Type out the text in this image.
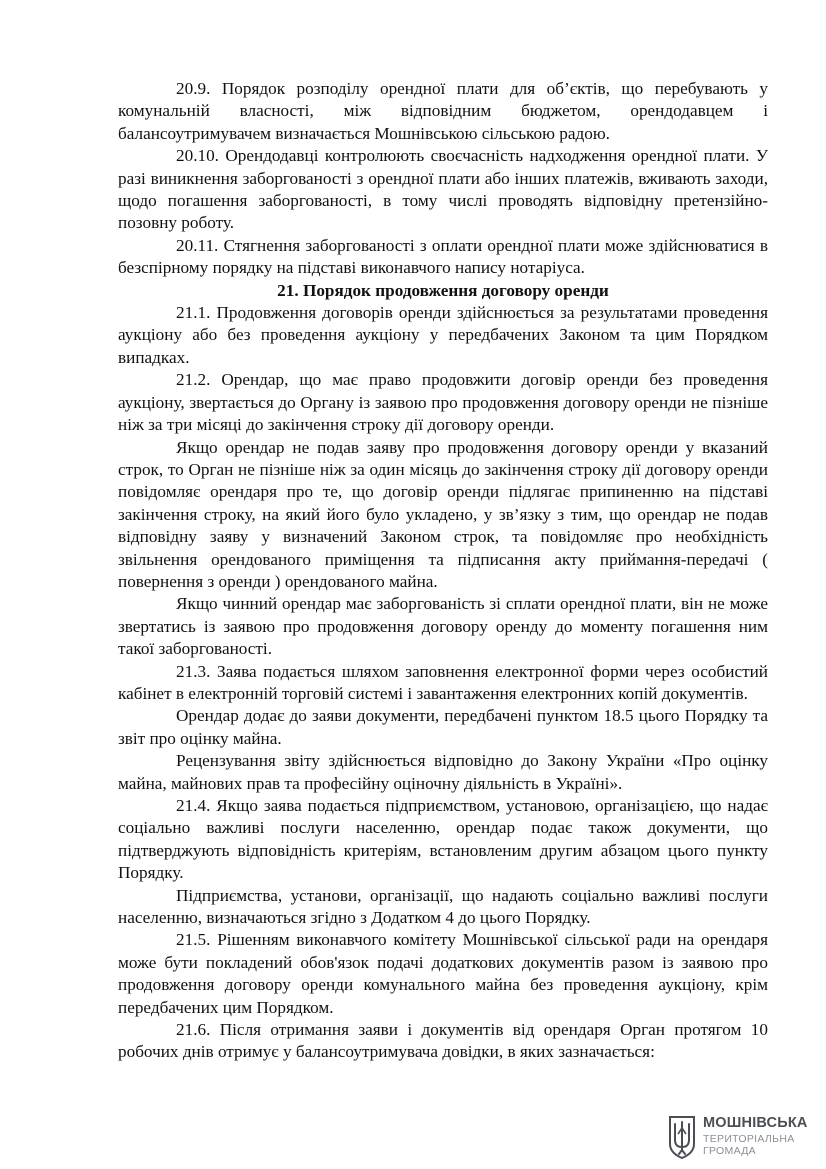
20.9. Порядок розподілу орендної плати для об’єктів, що перебувають у комунальній власності, між відповідним бюджетом, орендодавцем і балансоутримувачем визначається Мошнівською сільською радою.

20.10. Орендодавці контролюють своєчасність надходження орендної плати. У разі виникнення заборгованості з орендної плати або інших платежів, вживають заходи, щодо погашення заборгованості, в тому числі проводять відповідну претензійно-позовну роботу.

20.11. Стягнення заборгованості з оплати орендної плати може здійснюватися в безспірному порядку на підставі виконавчого напису нотаріуса.

21. Порядок продовження договору оренди

21.1. Продовження договорів оренди здійснюється за результатами проведення аукціону або без проведення аукціону у передбачених Законом та цим Порядком випадках.

21.2. Орендар, що має право продовжити договір оренди без проведення аукціону, звертається до Органу із заявою про продовження договору оренди не пізніше ніж за три місяці до закінчення строку дії договору оренди.

Якщо орендар не подав заяву про продовження договору оренди у вказаний строк, то Орган не пізніше ніж за один місяць до закінчення строку дії договору оренди повідомляє орендаря про те, що договір оренди підлягає припиненню на підставі закінчення строку, на який його було укладено, у зв’язку з тим, що орендар не подав відповідну заяву у визначений Законом строк, та повідомляє про необхідність звільнення орендованого приміщення та підписання акту приймання-передачі ( повернення з оренди ) орендованого майна.

Якщо чинний орендар має заборгованість зі сплати орендної плати, він не може звертатись із заявою про продовження договору оренду до моменту погашення ним такої заборгованості.

21.3. Заява подається шляхом заповнення електронної форми через особистий кабінет в електронній торговій системі і завантаження електронних копій документів.

Орендар додає до заяви документи, передбачені пунктом 18.5 цього Порядку та звіт про оцінку майна.

Рецензування звіту здійснюється відповідно до Закону України «Про оцінку майна, майнових прав та професійну оціночну діяльність в Україні».

21.4. Якщо заява подається підприємством, установою, організацією, що надає соціально важливі послуги населенню, орендар подає також документи, що підтверджують відповідність критеріям, встановленим другим абзацом цього пункту Порядку.

Підприємства, установи, організації, що надають соціально важливі послуги населенню, визначаються згідно з Додатком 4 до цього Порядку.

21.5. Рішенням виконавчого комітету Мошнівської сільської ради на орендаря може бути покладений обов'язок подачі додаткових документів разом із заявою про продовження договору оренди комунального майна без проведення аукціону, крім передбачених цим Порядком.

21.6. Після отримання заяви і документів від орендаря Орган протягом 10 робочих днів отримує у балансоутримувача довідки, в яких зазначається:

МОШНІВСЬКА
ТЕРИТОРІАЛЬНА
ГРОМАДА
